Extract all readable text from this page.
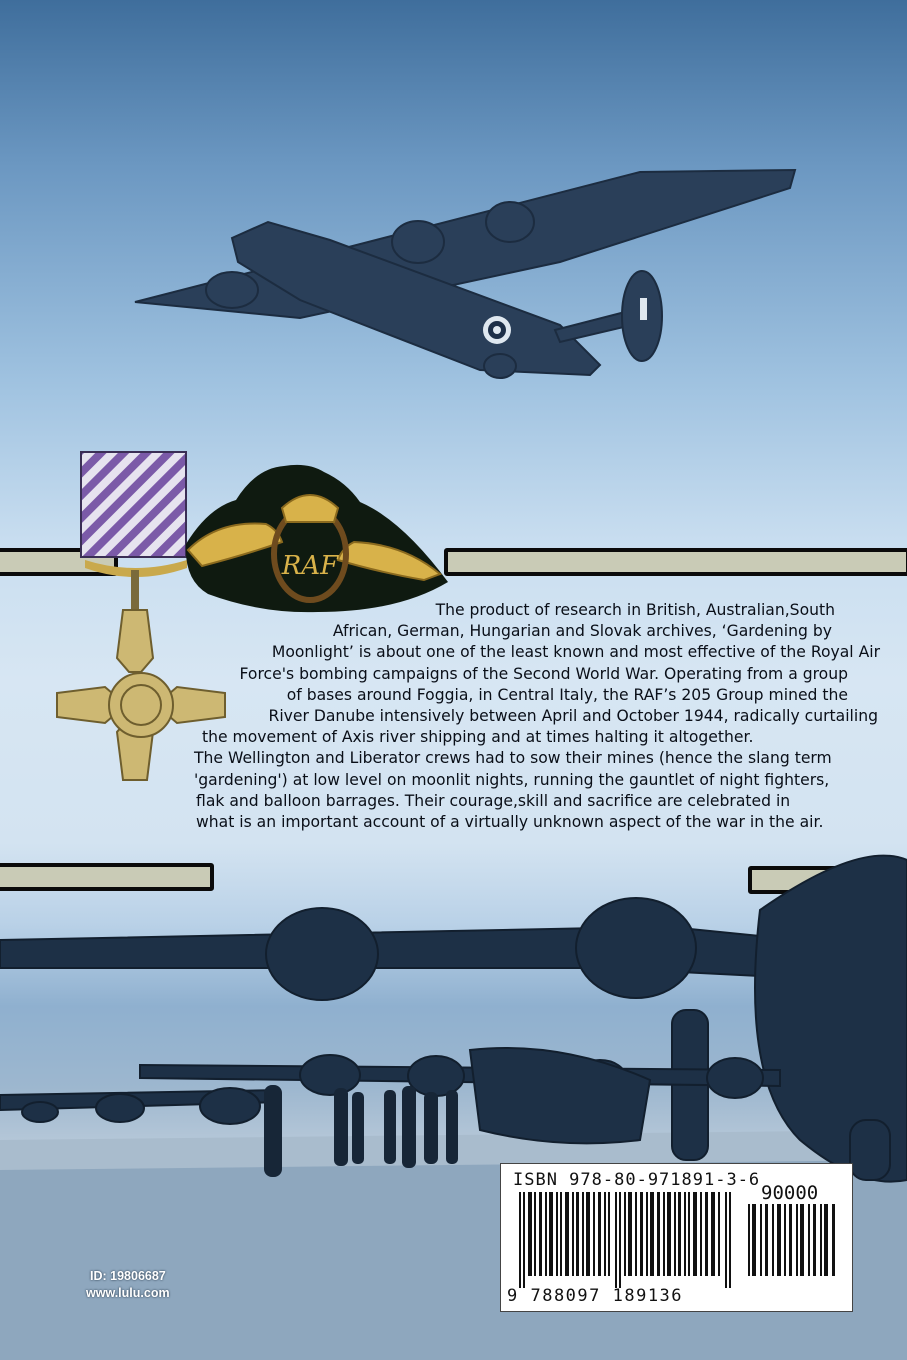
RAF
The product of research in British, Australian,South
African, German, Hungarian and Slovak archives, ‘Gardening by
Moonlight’ is about one of the least known and most effective of the Royal Air
Force's bombing campaigns of the Second World War. Operating from a group
of bases around Foggia, in Central Italy, the RAF’s 205 Group mined the
River Danube intensively between April and October 1944, radically curtailing
the movement of Axis river shipping and at times halting it altogether.
The Wellington and Liberator crews had to sow their mines (hence the slang term
'gardening') at low level on moonlit nights, running the gauntlet of night fighters,
flak and balloon barrages. Their courage,skill and sacrifice are celebrated in
what is an important account of a virtually unknown aspect of the war in the air.
ISBN 978-80-971891-3-6
90000
9 788097 189136
ID: 19806687
www.lulu.com
